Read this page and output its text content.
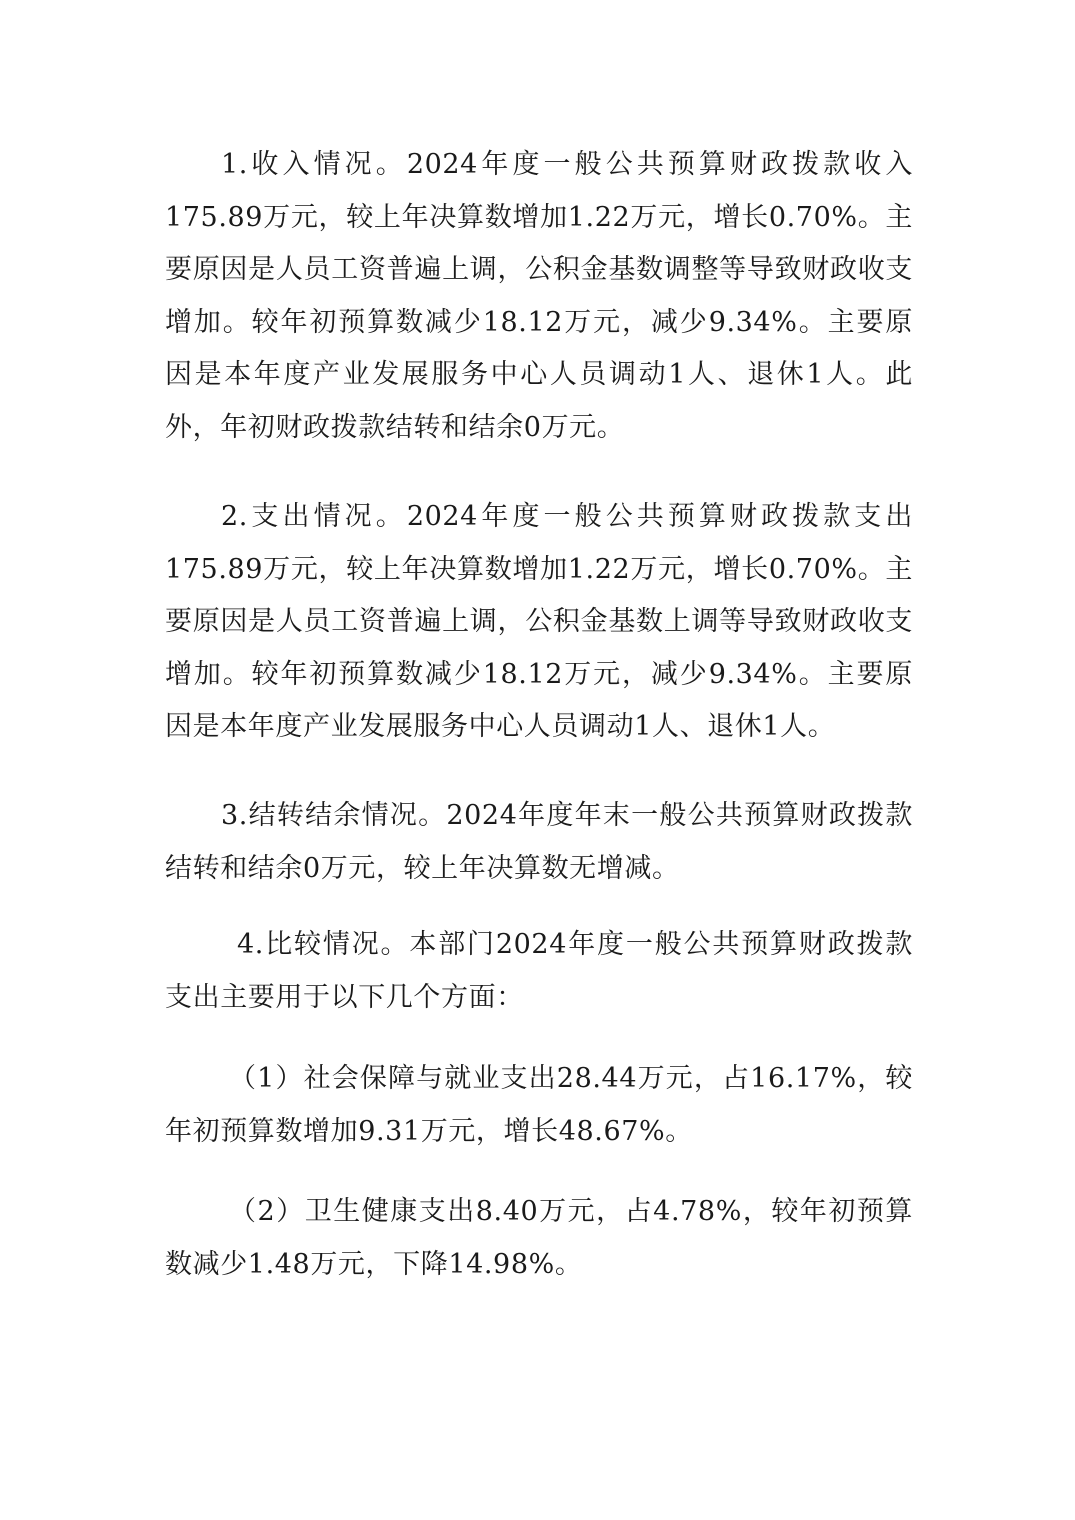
1.收入情况。2024年度一般公共预算财政拨款收入175.89万元，较上年决算数增加1.22万元，增长0.70%。主要原因是人员工资普遍上调，公积金基数调整等导致财政收支增加。较年初预算数减少18.12万元，减少9.34%。主要原因是本年度产业发展服务中心人员调动1人、退休1人。此外，年初财政拨款结转和结余0万元。

2.支出情况。2024年度一般公共预算财政拨款支出175.89万元，较上年决算数增加1.22万元，增长0.70%。主要原因是人员工资普遍上调，公积金基数上调等导致财政收支增加。较年初预算数减少18.12万元，减少9.34%。主要原因是本年度产业发展服务中心人员调动1人、退休1人。

3.结转结余情况。2024年度年末一般公共预算财政拨款结转和结余0万元，较上年决算数无增减。

4.比较情况。本部门2024年度一般公共预算财政拨款支出主要用于以下几个方面：

（1）社会保障与就业支出28.44万元，占16.17%，较年初预算数增加9.31万元，增长48.67%。

（2）卫生健康支出8.40万元，占4.78%，较年初预算数减少1.48万元，下降14.98%。
